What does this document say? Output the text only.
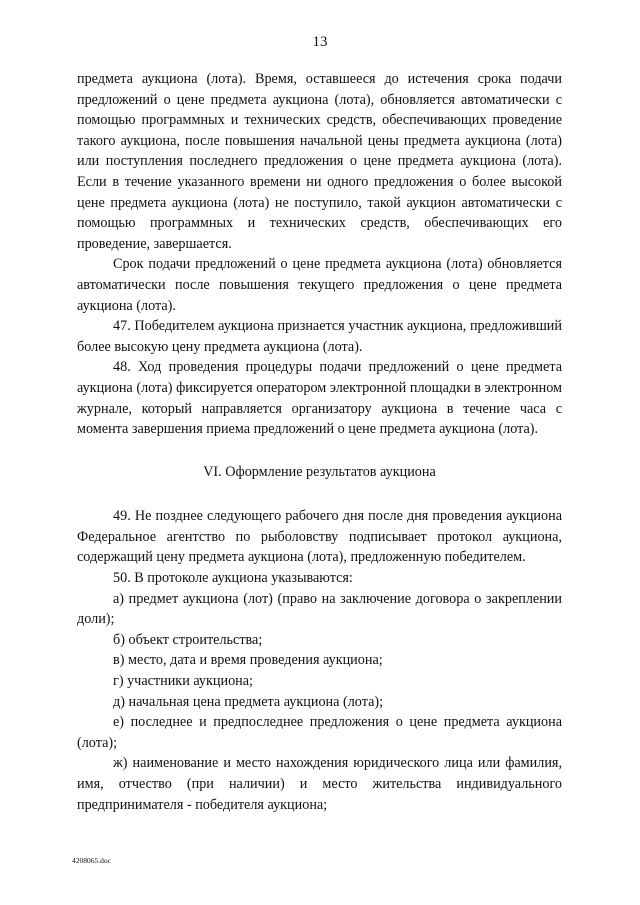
13

предмета аукциона (лота). Время, оставшееся до истечения срока подачи предложений о цене предмета аукциона (лота), обновляется автоматически с помощью программных и технических средств, обеспечивающих проведение такого аукциона, после повышения начальной цены предмета аукциона (лота) или поступления последнего предложения о цене предмета аукциона (лота). Если в течение указанного времени ни одного предложения о более высокой цене предмета аукциона (лота) не поступило, такой аукцион автоматически с помощью программных и технических средств, обеспечивающих его проведение, завершается.

Срок подачи предложений о цене предмета аукциона (лота) обновляется автоматически после повышения текущего предложения о цене предмета аукциона (лота).

47. Победителем аукциона признается участник аукциона, предложивший более высокую цену предмета аукциона (лота).

48. Ход проведения процедуры подачи предложений о цене предмета аукциона (лота) фиксируется оператором электронной площадки в электронном журнале, который направляется организатору аукциона в течение часа с момента завершения приема предложений о цене предмета аукциона (лота).

VI. Оформление результатов аукциона

49. Не позднее следующего рабочего дня после дня проведения аукциона Федеральное агентство по рыболовству подписывает протокол аукциона, содержащий цену предмета аукциона (лота), предложенную победителем.

50. В протоколе аукциона указываются:

а) предмет аукциона (лот) (право на заключение договора о закреплении доли);

б) объект строительства;

в) место, дата и время проведения аукциона;

г) участники аукциона;

д) начальная цена предмета аукциона (лота);

е) последнее и предпоследнее предложения о цене предмета аукциона (лота);

ж) наименование и место нахождения юридического лица или фамилия, имя, отчество (при наличии) и место жительства индивидуального предпринимателя - победителя аукциона;

4208065.doc
